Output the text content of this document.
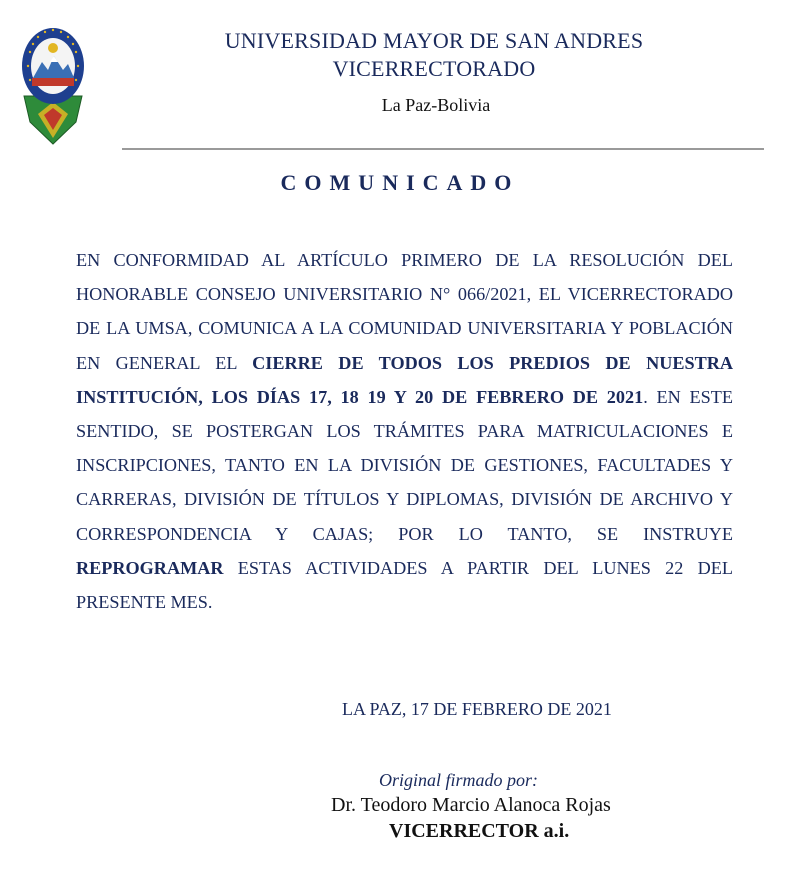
UNIVERSIDAD MAYOR DE SAN ANDRES
VICERRECTORADO
La Paz-Bolivia
COMUNICADO
EN CONFORMIDAD AL ARTÍCULO PRIMERO DE LA RESOLUCIÓN DEL HONORABLE CONSEJO UNIVERSITARIO N° 066/2021, EL VICERRECTORADO DE LA UMSA, COMUNICA A LA COMUNIDAD UNIVERSITARIA Y POBLACIÓN EN GENERAL EL CIERRE DE TODOS LOS PREDIOS DE NUESTRA INSTITUCIÓN, LOS DÍAS 17, 18 19 Y 20 DE FEBRERO DE 2021. EN ESTE SENTIDO, SE POSTERGAN LOS TRÁMITES PARA MATRICULACIONES E INSCRIPCIONES, TANTO EN LA DIVISIÓN DE GESTIONES, FACULTADES Y CARRERAS, DIVISIÓN DE TÍTULOS Y DIPLOMAS, DIVISIÓN DE ARCHIVO Y CORRESPONDENCIA Y CAJAS; POR LO TANTO, SE INSTRUYE REPROGRAMAR ESTAS ACTIVIDADES A PARTIR DEL LUNES 22 DEL PRESENTE MES.
LA PAZ, 17 DE FEBRERO DE 2021
Original firmado por:
Dr. Teodoro Marcio Alanoca Rojas
VICERRECTOR a.i.
